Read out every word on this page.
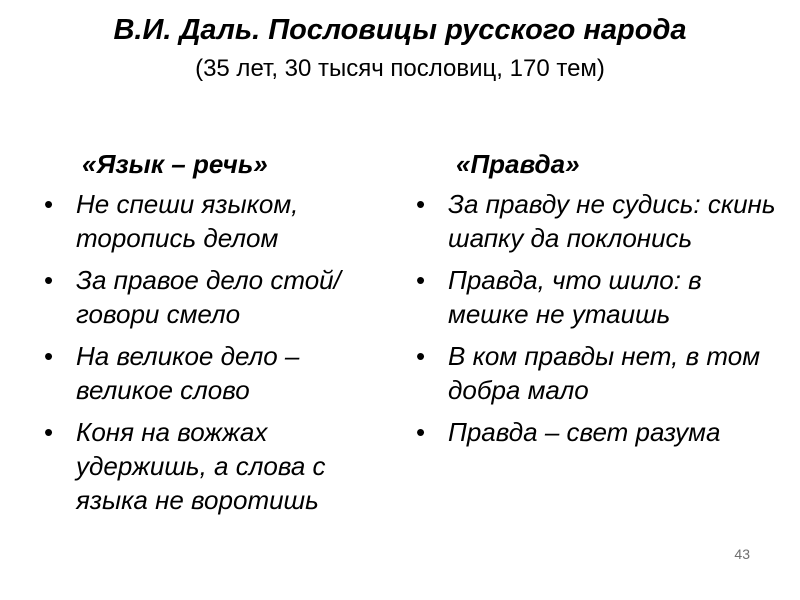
В.И. Даль. Пословицы русского народа
(35 лет, 30 тысяч пословиц, 170 тем)
«Язык – речь»
• Не спеши языком, торопись делом
• За правое дело стой/говори смело
• На великое дело – великое слово
• Коня на вожжах удержишь, а слова с языка не воротишь
«Правда»
• За правду не судись: скинь шапку да поклонись
• Правда, что шило: в мешке не утаишь
• В ком правды нет, в том добра мало
• Правда – свет разума
43
